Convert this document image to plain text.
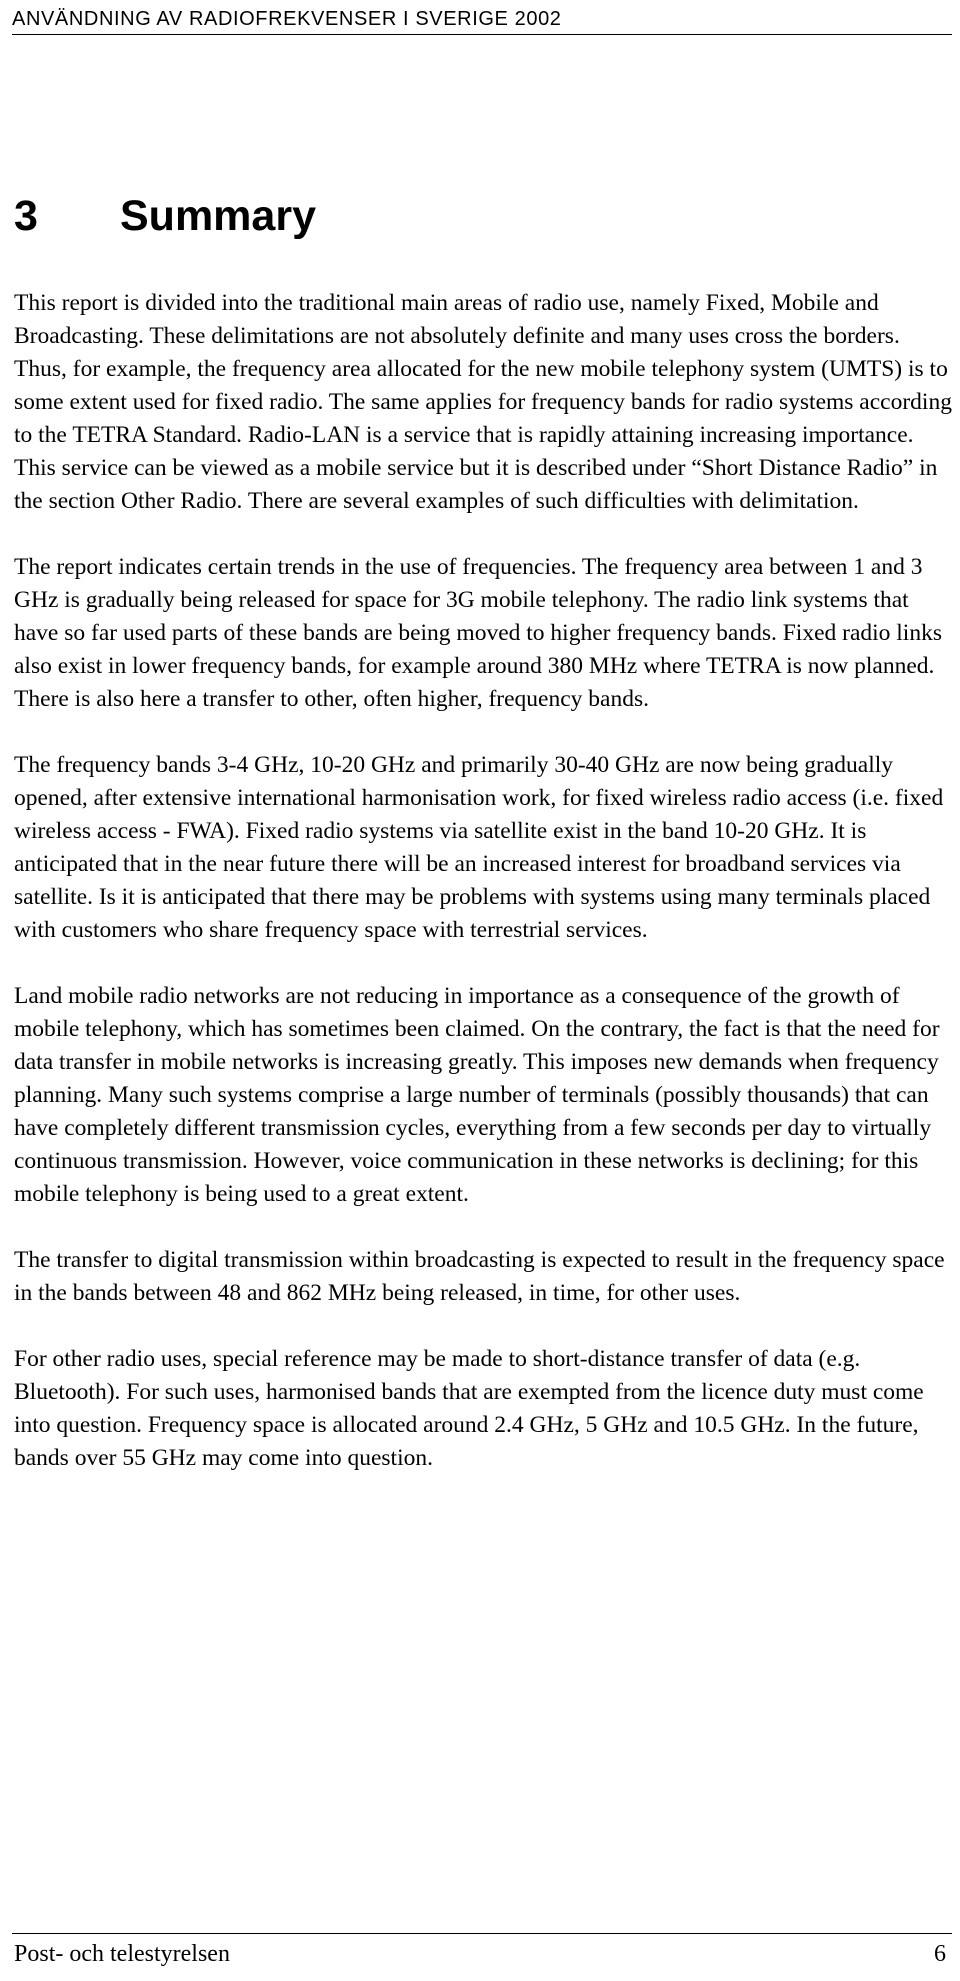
ANVÄNDNING AV RADIOFREKVENSER I SVERIGE 2002
3 Summary

This report is divided into the traditional main areas of radio use, namely Fixed, Mobile and Broadcasting. These delimitations are not absolutely definite and many uses cross the borders. Thus, for example, the frequency area allocated for the new mobile telephony system (UMTS) is to some extent used for fixed radio. The same applies for frequency bands for radio systems according to the TETRA Standard. Radio-LAN is a service that is rapidly attaining increasing importance. This service can be viewed as a mobile service but it is described under “Short Distance Radio” in the section Other Radio. There are several examples of such difficulties with delimitation.

The report indicates certain trends in the use of frequencies. The frequency area between 1 and 3 GHz is gradually being released for space for 3G mobile telephony. The radio link systems that have so far used parts of these bands are being moved to higher frequency bands. Fixed radio links also exist in lower frequency bands, for example around 380 MHz where TETRA is now planned. There is also here a transfer to other, often higher, frequency bands.

The frequency bands 3-4 GHz, 10-20 GHz and primarily 30-40 GHz are now being gradually opened, after extensive international harmonisation work, for fixed wireless radio access (i.e. fixed wireless access - FWA). Fixed radio systems via satellite exist in the band 10-20 GHz. It is anticipated that in the near future there will be an increased interest for broadband services via satellite. Is it is anticipated that there may be problems with systems using many terminals placed with customers who share frequency space with terrestrial services.

Land mobile radio networks are not reducing in importance as a consequence of the growth of mobile telephony, which has sometimes been claimed. On the contrary, the fact is that the need for data transfer in mobile networks is increasing greatly. This imposes new demands when frequency planning. Many such systems comprise a large number of terminals (possibly thousands) that can have completely different transmission cycles, everything from a few seconds per day to virtually continuous transmission. However, voice communication in these networks is declining; for this mobile telephony is being used to a great extent.

The transfer to digital transmission within broadcasting is expected to result in the frequency space in the bands between 48 and 862 MHz being released, in time, for other uses.

For other radio uses, special reference may be made to short-distance transfer of data (e.g. Bluetooth). For such uses, harmonised bands that are exempted from the licence duty must come into question. Frequency space is allocated around 2.4 GHz, 5 GHz and 10.5 GHz. In the future, bands over 55 GHz may come into question.

Post- och telestyrelsen	6
